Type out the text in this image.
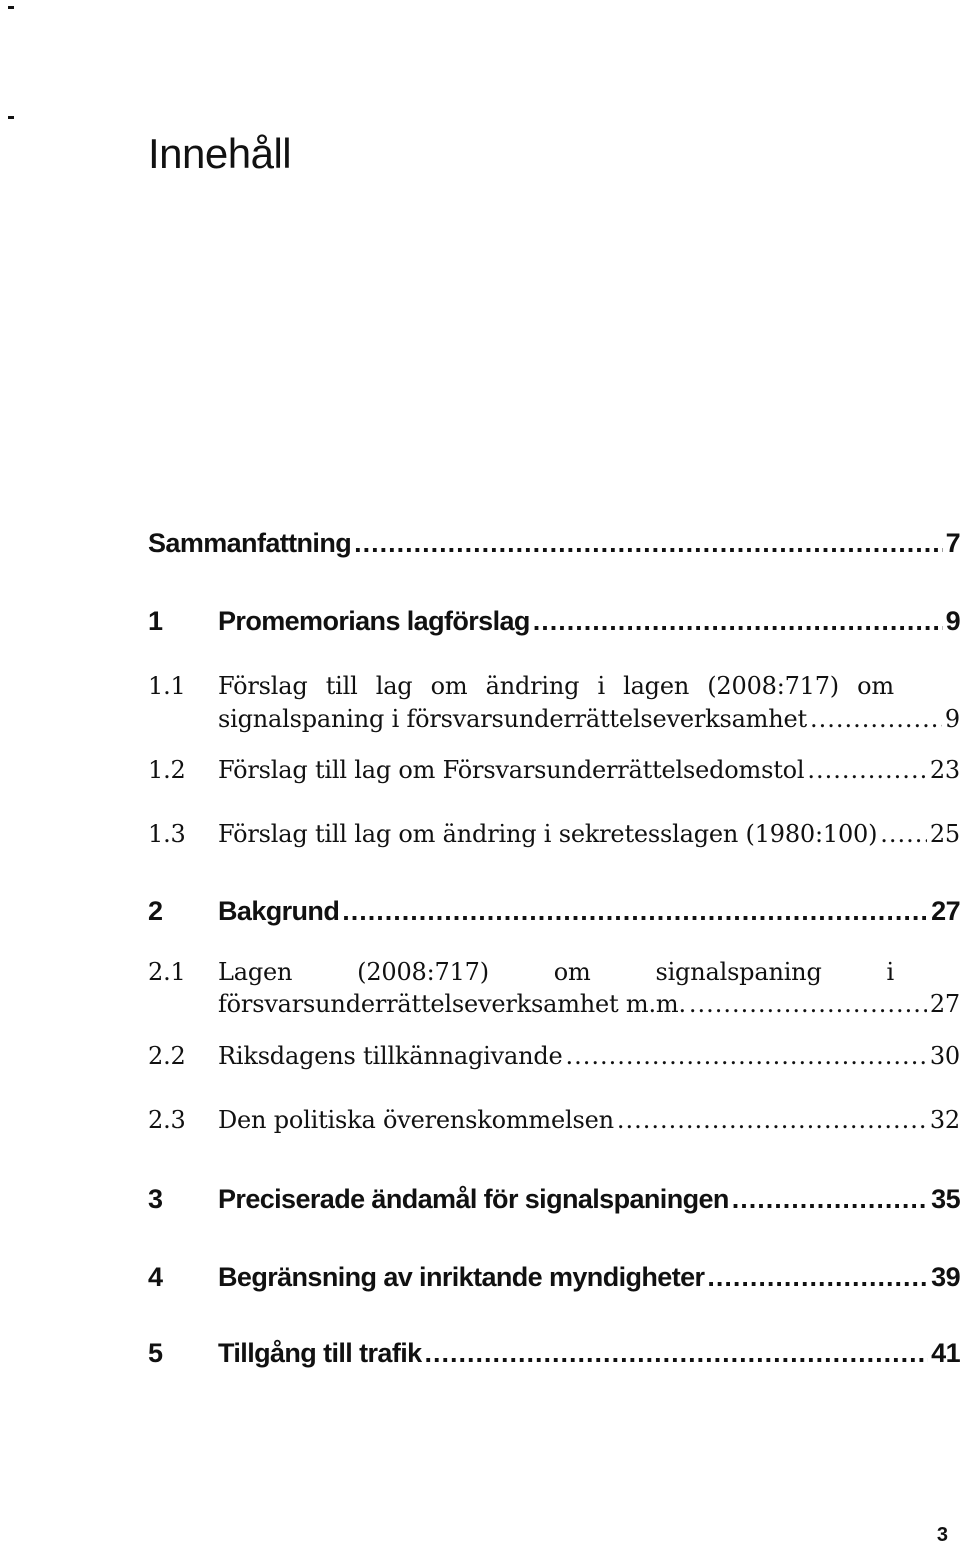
Innehåll
Sammanfattning .....	7
1 Promemorians lagförslag .....	9
1.1 Förslag till lag om ändring i lagen (2008:717) om
signalspaning i försvarsunderrättelseverksamhet .....	9
1.2 Förslag till lag om Försvarsunderrättelsedomstol .....	23
1.3 Förslag till lag om ändring i sekretesslagen (1980:100) ..... 25
2 Bakgrund .....	27
2.1 Lagen	(2008:717)	om	signalspaning	i
försvarsunderrättelseverksamhet m.m. .....	27
2.2 Riksdagens tillkännagivande .....	30
2.3 Den politiska överenskommelsen .....	32
3 Preciserade ändamål för signalspaningen .....	35
4 Begränsning av inriktande myndigheter .....	39
5 Tillgång till trafik .....	41
3
